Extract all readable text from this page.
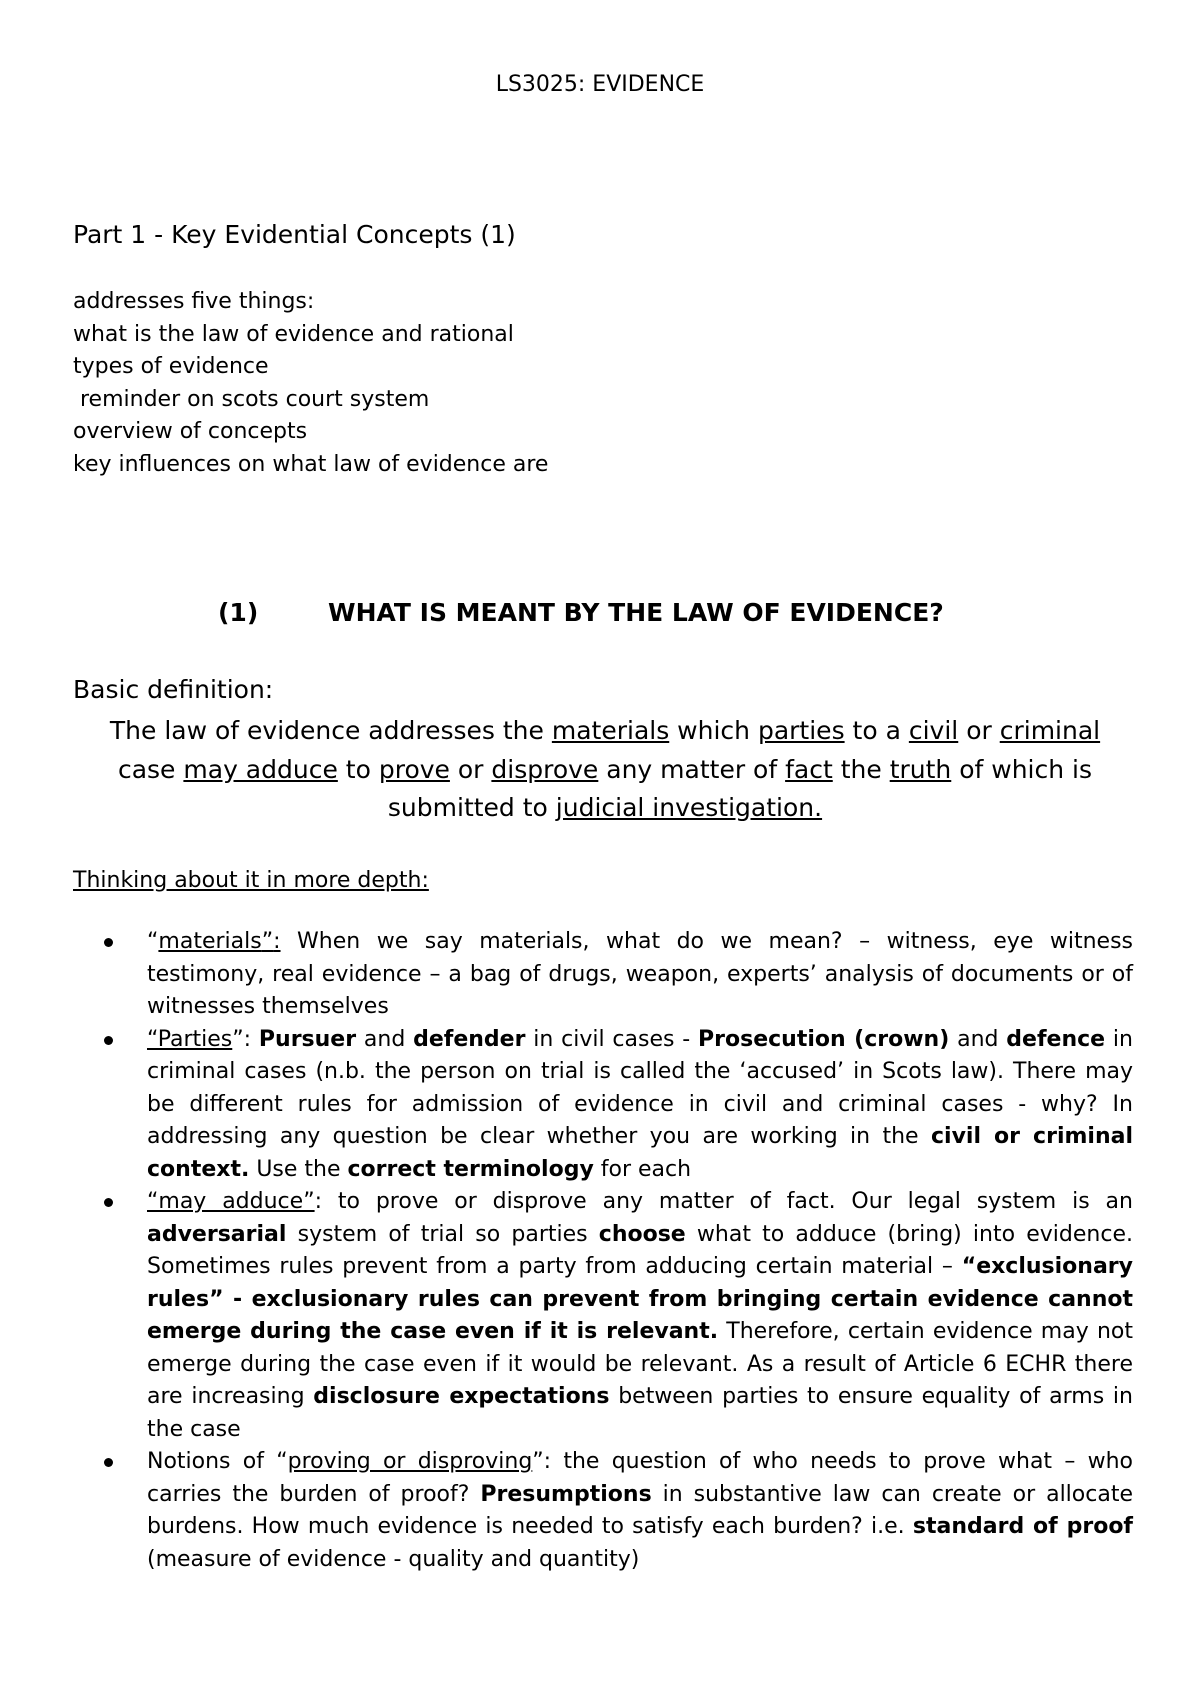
LS3025: EVIDENCE
Part 1 - Key Evidential Concepts (1)
addresses five things:
what is the law of evidence and rational
types of evidence
reminder on scots court system
overview of concepts
key influences on what law of evidence are
(1)	WHAT IS MEANT BY THE LAW OF EVIDENCE?
Basic definition:
The law of evidence addresses the materials which parties to a civil or criminal case may adduce to prove or disprove any matter of fact the truth of which is submitted to judicial investigation.
Thinking about it in more depth:
“materials”: When we say materials, what do we mean? – witness, eye witness testimony, real evidence – a bag of drugs, weapon, experts’ analysis of documents or of witnesses themselves
“Parties”: Pursuer and defender in civil cases - Prosecution (crown) and defence in criminal cases (n.b. the person on trial is called the ‘accused’ in Scots law). There may be different rules for admission of evidence in civil and criminal cases - why? In addressing any question be clear whether you are working in the civil or criminal context. Use the correct terminology for each
“may adduce”: to prove or disprove any matter of fact. Our legal system is an adversarial system of trial so parties choose what to adduce (bring) into evidence. Sometimes rules prevent from a party from adducing certain material – “exclusionary rules” - exclusionary rules can prevent from bringing certain evidence cannot emerge during the case even if it is relevant. Therefore, certain evidence may not emerge during the case even if it would be relevant. As a result of Article 6 ECHR there are increasing disclosure expectations between parties to ensure equality of arms in the case
Notions of “proving or disproving”: the question of who needs to prove what – who carries the burden of proof? Presumptions in substantive law can create or allocate burdens. How much evidence is needed to satisfy each burden? i.e. standard of proof (measure of evidence - quality and quantity)
